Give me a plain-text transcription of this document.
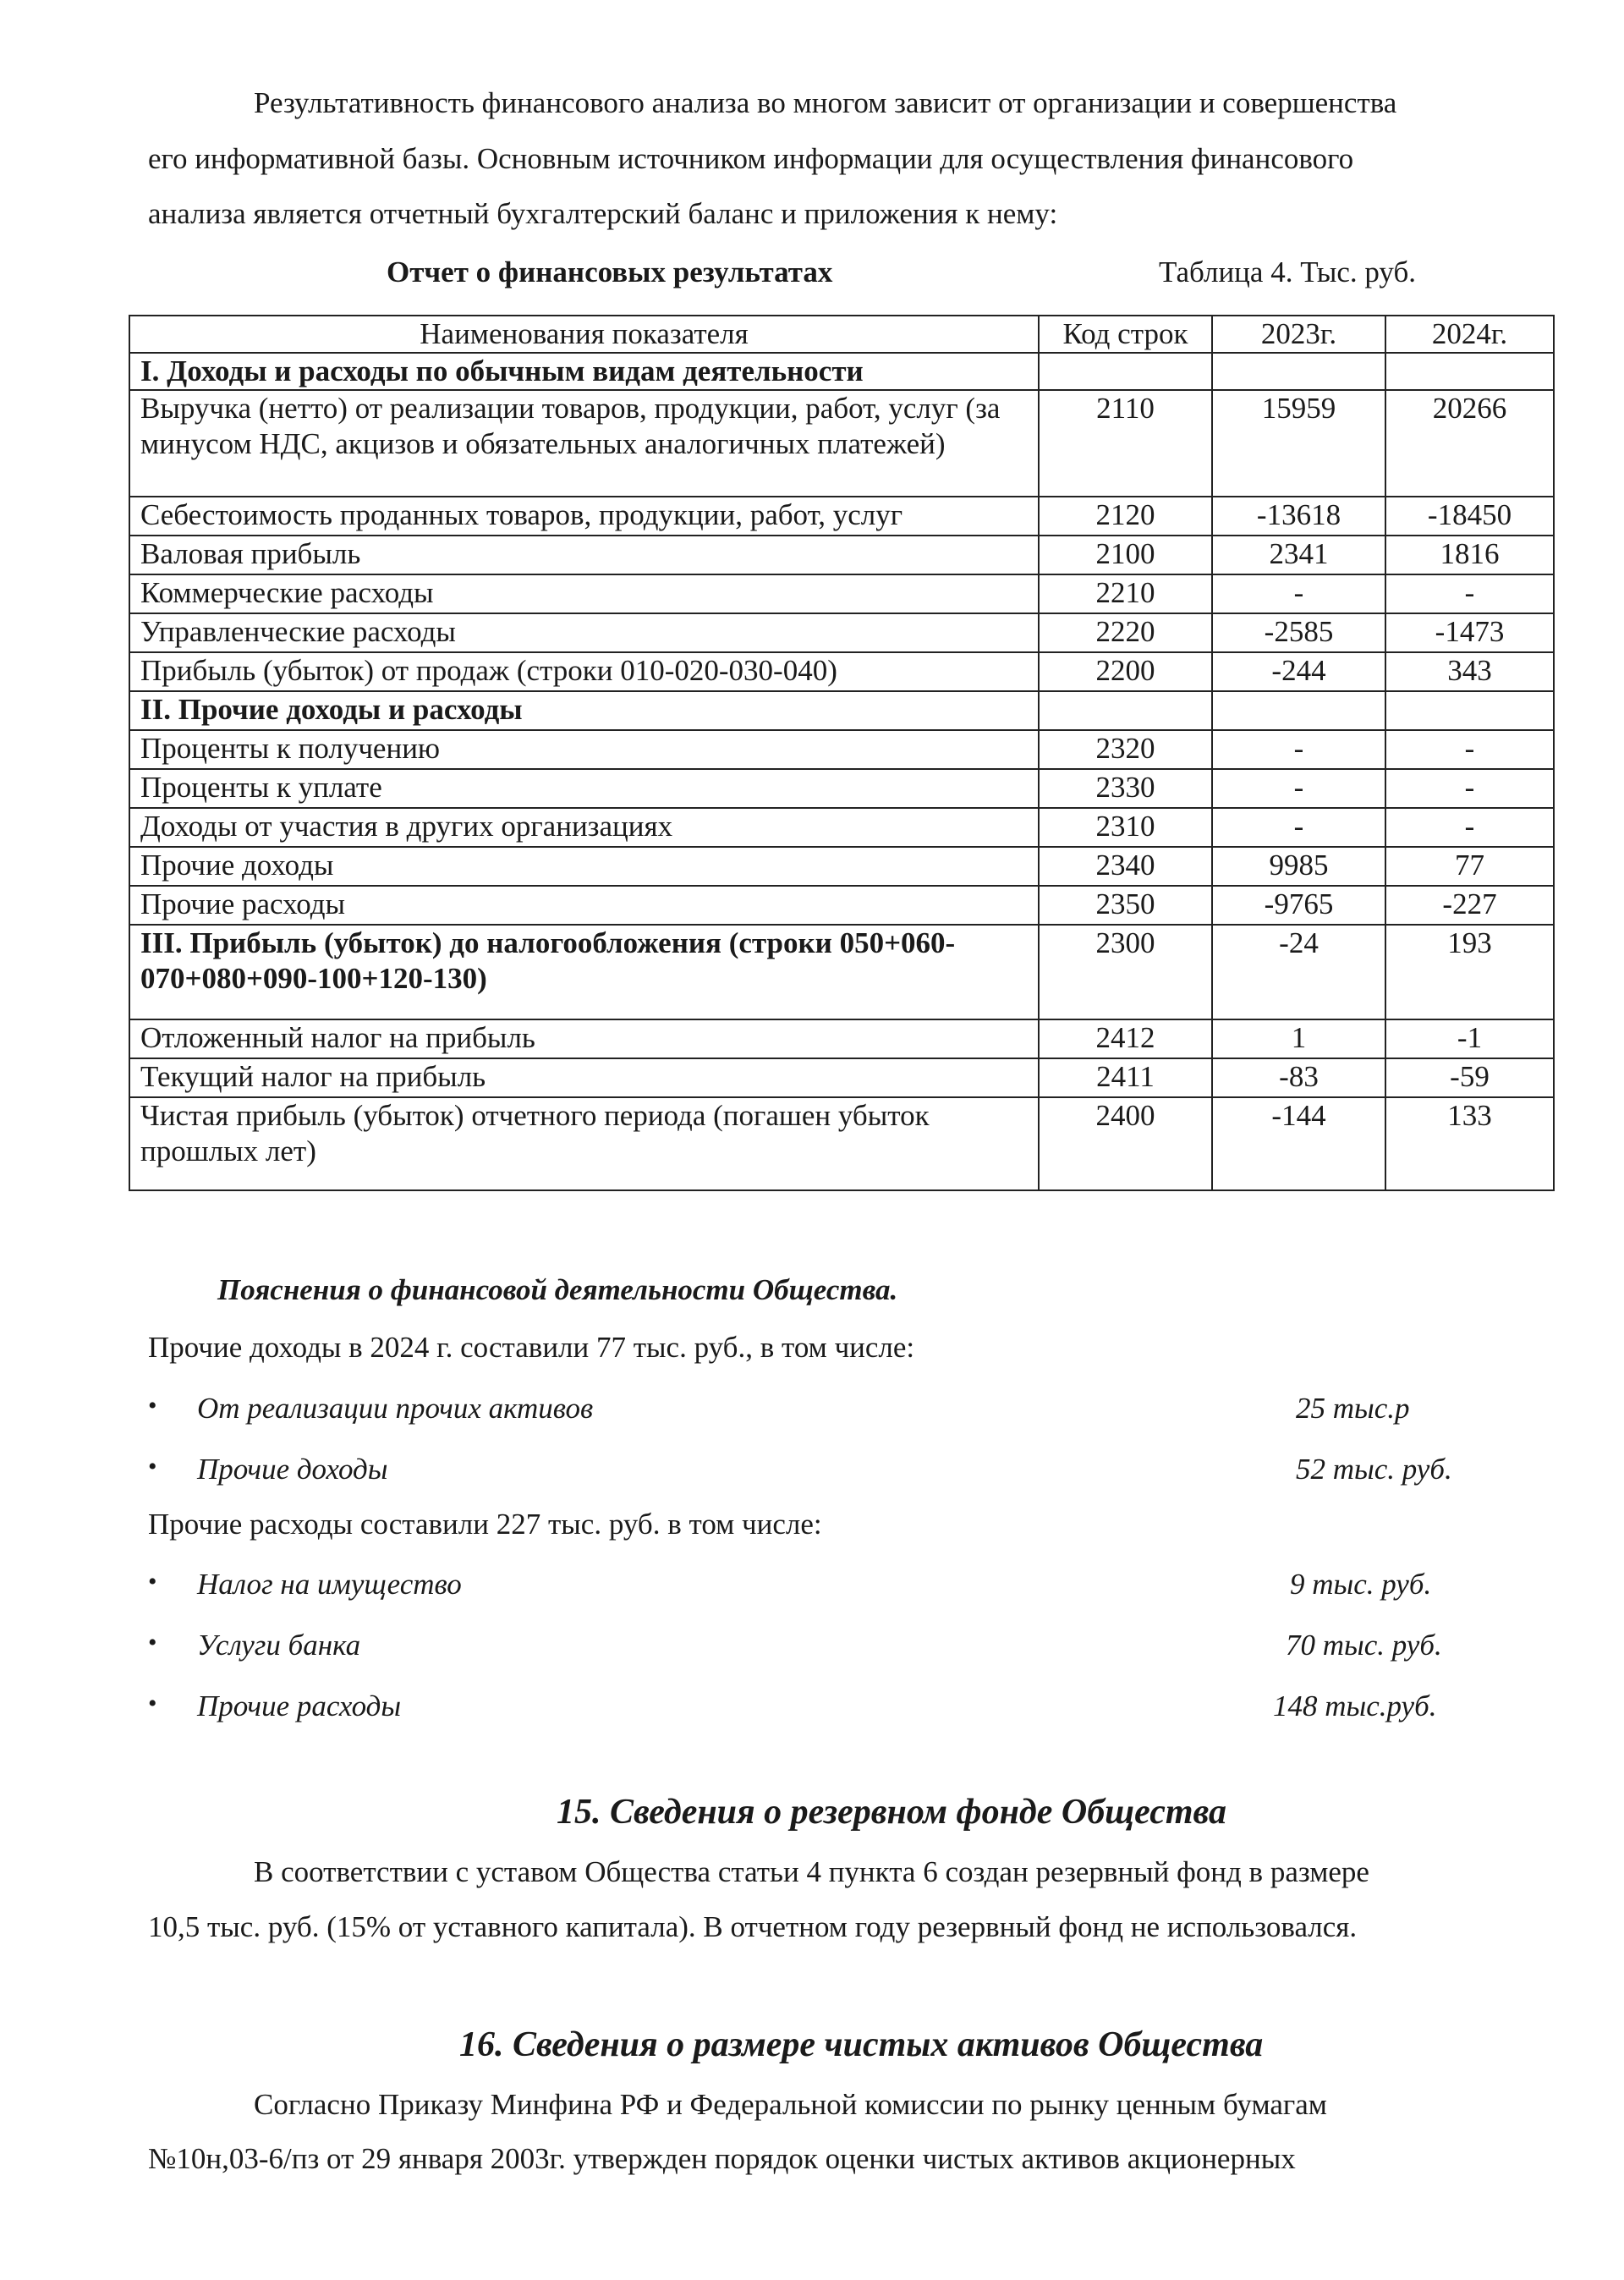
Результативность финансового анализа во многом зависит от организации и совершенства
его информативной базы. Основным источником информации для осуществления финансового
анализа является отчетный бухгалтерский баланс и приложения к нему:
Отчет о финансовых результатах	Таблица 4. Тыс. руб.
Наименования показателя	Код строк	2023г.	2024г.
I. Доходы и расходы по обычным видам деятельности			
Выручка (нетто) от реализации товаров, продукции, работ, услуг (за минусом НДС, акцизов и обязательных аналогичных платежей)	2110	15959	20266
Себестоимость проданных товаров, продукции, работ, услуг	2120	-13618	-18450
Валовая прибыль	2100	2341	1816
Коммерческие расходы	2210	-	-
Управленческие расходы	2220	-2585	-1473
Прибыль (убыток) от продаж (строки 010-020-030-040)	2200	-244	343
II. Прочие доходы и расходы			
Проценты к получению	2320	-	-
Проценты к уплате	2330	-	-
Доходы от участия в других организациях	2310	-	-
Прочие доходы	2340	9985	77
Прочие расходы	2350	-9765	-227
III. Прибыль (убыток) до налогообложения (строки 050+060-070+080+090-100+120-130)	2300	-24	193
Отложенный налог на прибыль	2412	1	-1
Текущий налог на прибыль	2411	-83	-59
Чистая прибыль (убыток) отчетного периода (погашен убыток прошлых лет)	2400	-144	133
Пояснения о финансовой деятельности Общества.
Прочие доходы в 2024 г. составили 77 тыс. руб., в том числе:
• От реализации прочих активов	25 тыс.р
• Прочие доходы	52 тыс. руб.
Прочие расходы составили 227 тыс. руб. в том числе:
• Налог на имущество	9 тыс. руб.
• Услуги банка	70 тыс. руб.
• Прочие расходы	148 тыс.руб.
15. Сведения о резервном фонде Общества
В соответствии с уставом Общества статьи 4 пункта 6 создан резервный фонд в размере
10,5 тыс. руб. (15% от уставного капитала). В отчетном году резервный фонд не использовался.
16. Сведения о размере чистых активов Общества
Согласно Приказу Минфина РФ и Федеральной комиссии по рынку ценным бумагам
№10н,03-6/пз от 29 января 2003г. утвержден порядок оценки чистых активов акционерных
